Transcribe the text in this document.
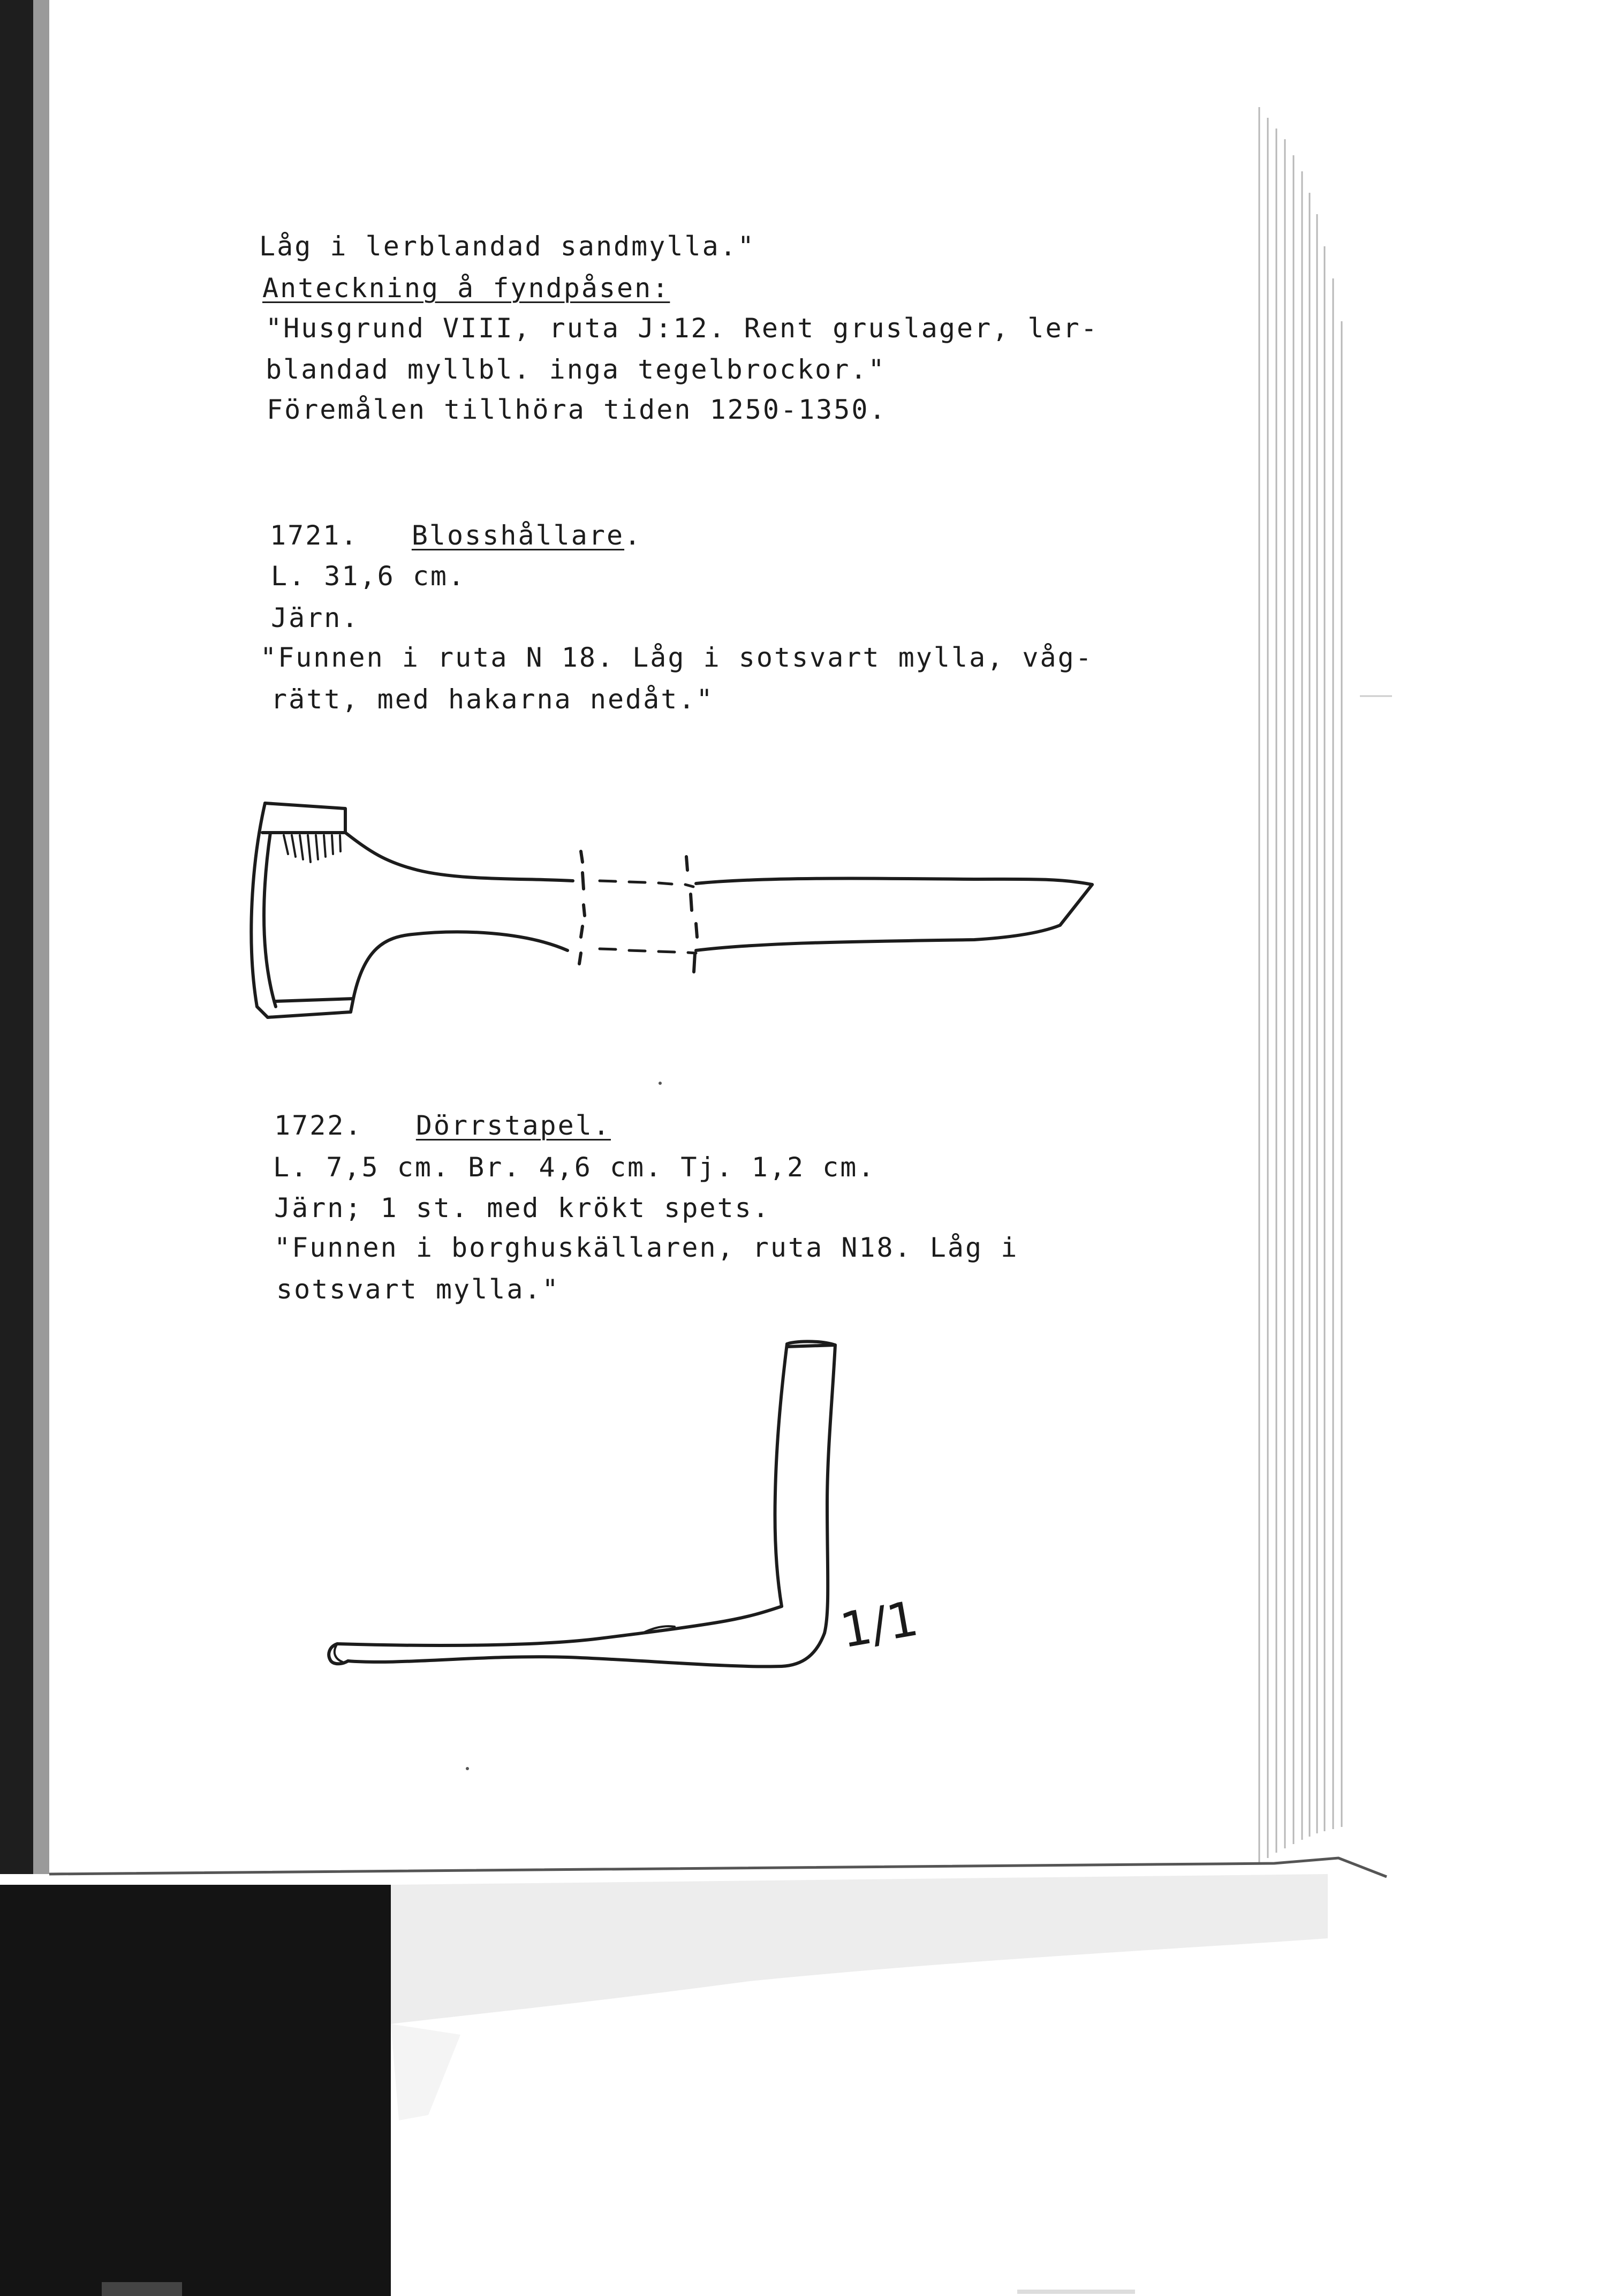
Låg i lerblandad sandmylla."

Anteckning å fyndpåsen:

"Husgrund VIII, ruta J:12. Rent gruslager, ler-

blandad myllbl. inga tegelbrockor."

Föremålen tillhöra tiden 1250-1350.

1721. Blosshållare.

L. 31,6 cm.

Järn.

"Funnen i ruta N 18. Låg i sotsvart mylla, våg-

rätt, med hakarna nedåt."

1722. Dörrstapel.

L. 7,5 cm. Br. 4,6 cm. Tj. 1,2 cm.

Järn; 1 st. med krökt spets.

"Funnen i borghuskällaren, ruta N18. Låg i

sotsvart mylla."

1/1
